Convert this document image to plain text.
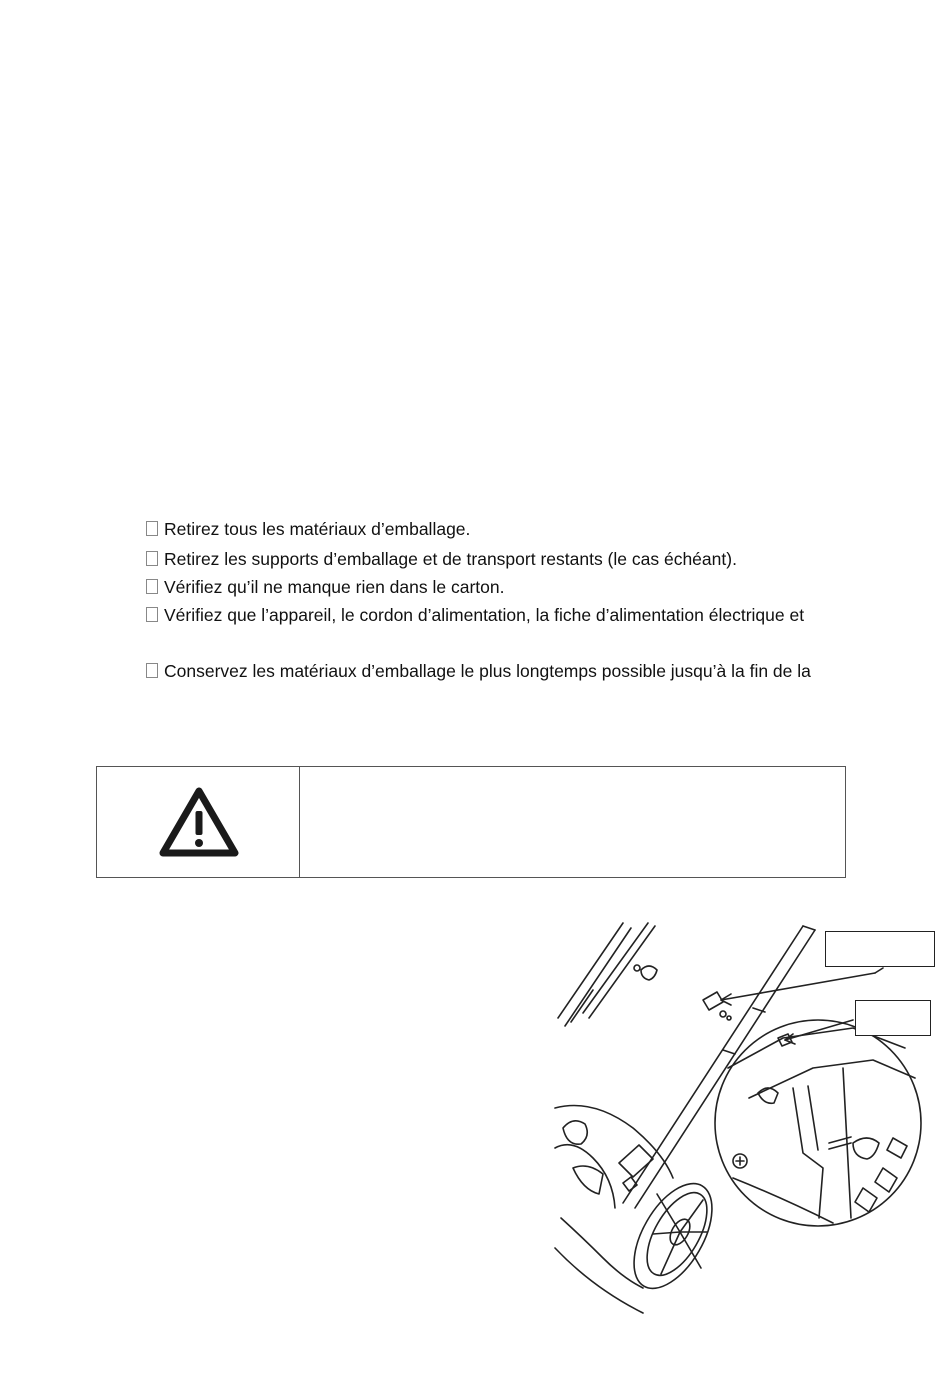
Retirez tous les matériaux d’emballage.
Retirez les supports d’emballage et de transport restants (le cas échéant).
Vérifiez qu’il ne manque rien dans le carton.
Vérifiez que l’appareil, le cordon d’alimentation, la fiche d’alimentation électrique et
Conservez les matériaux d’emballage le plus longtemps possible jusqu’à la fin de la
